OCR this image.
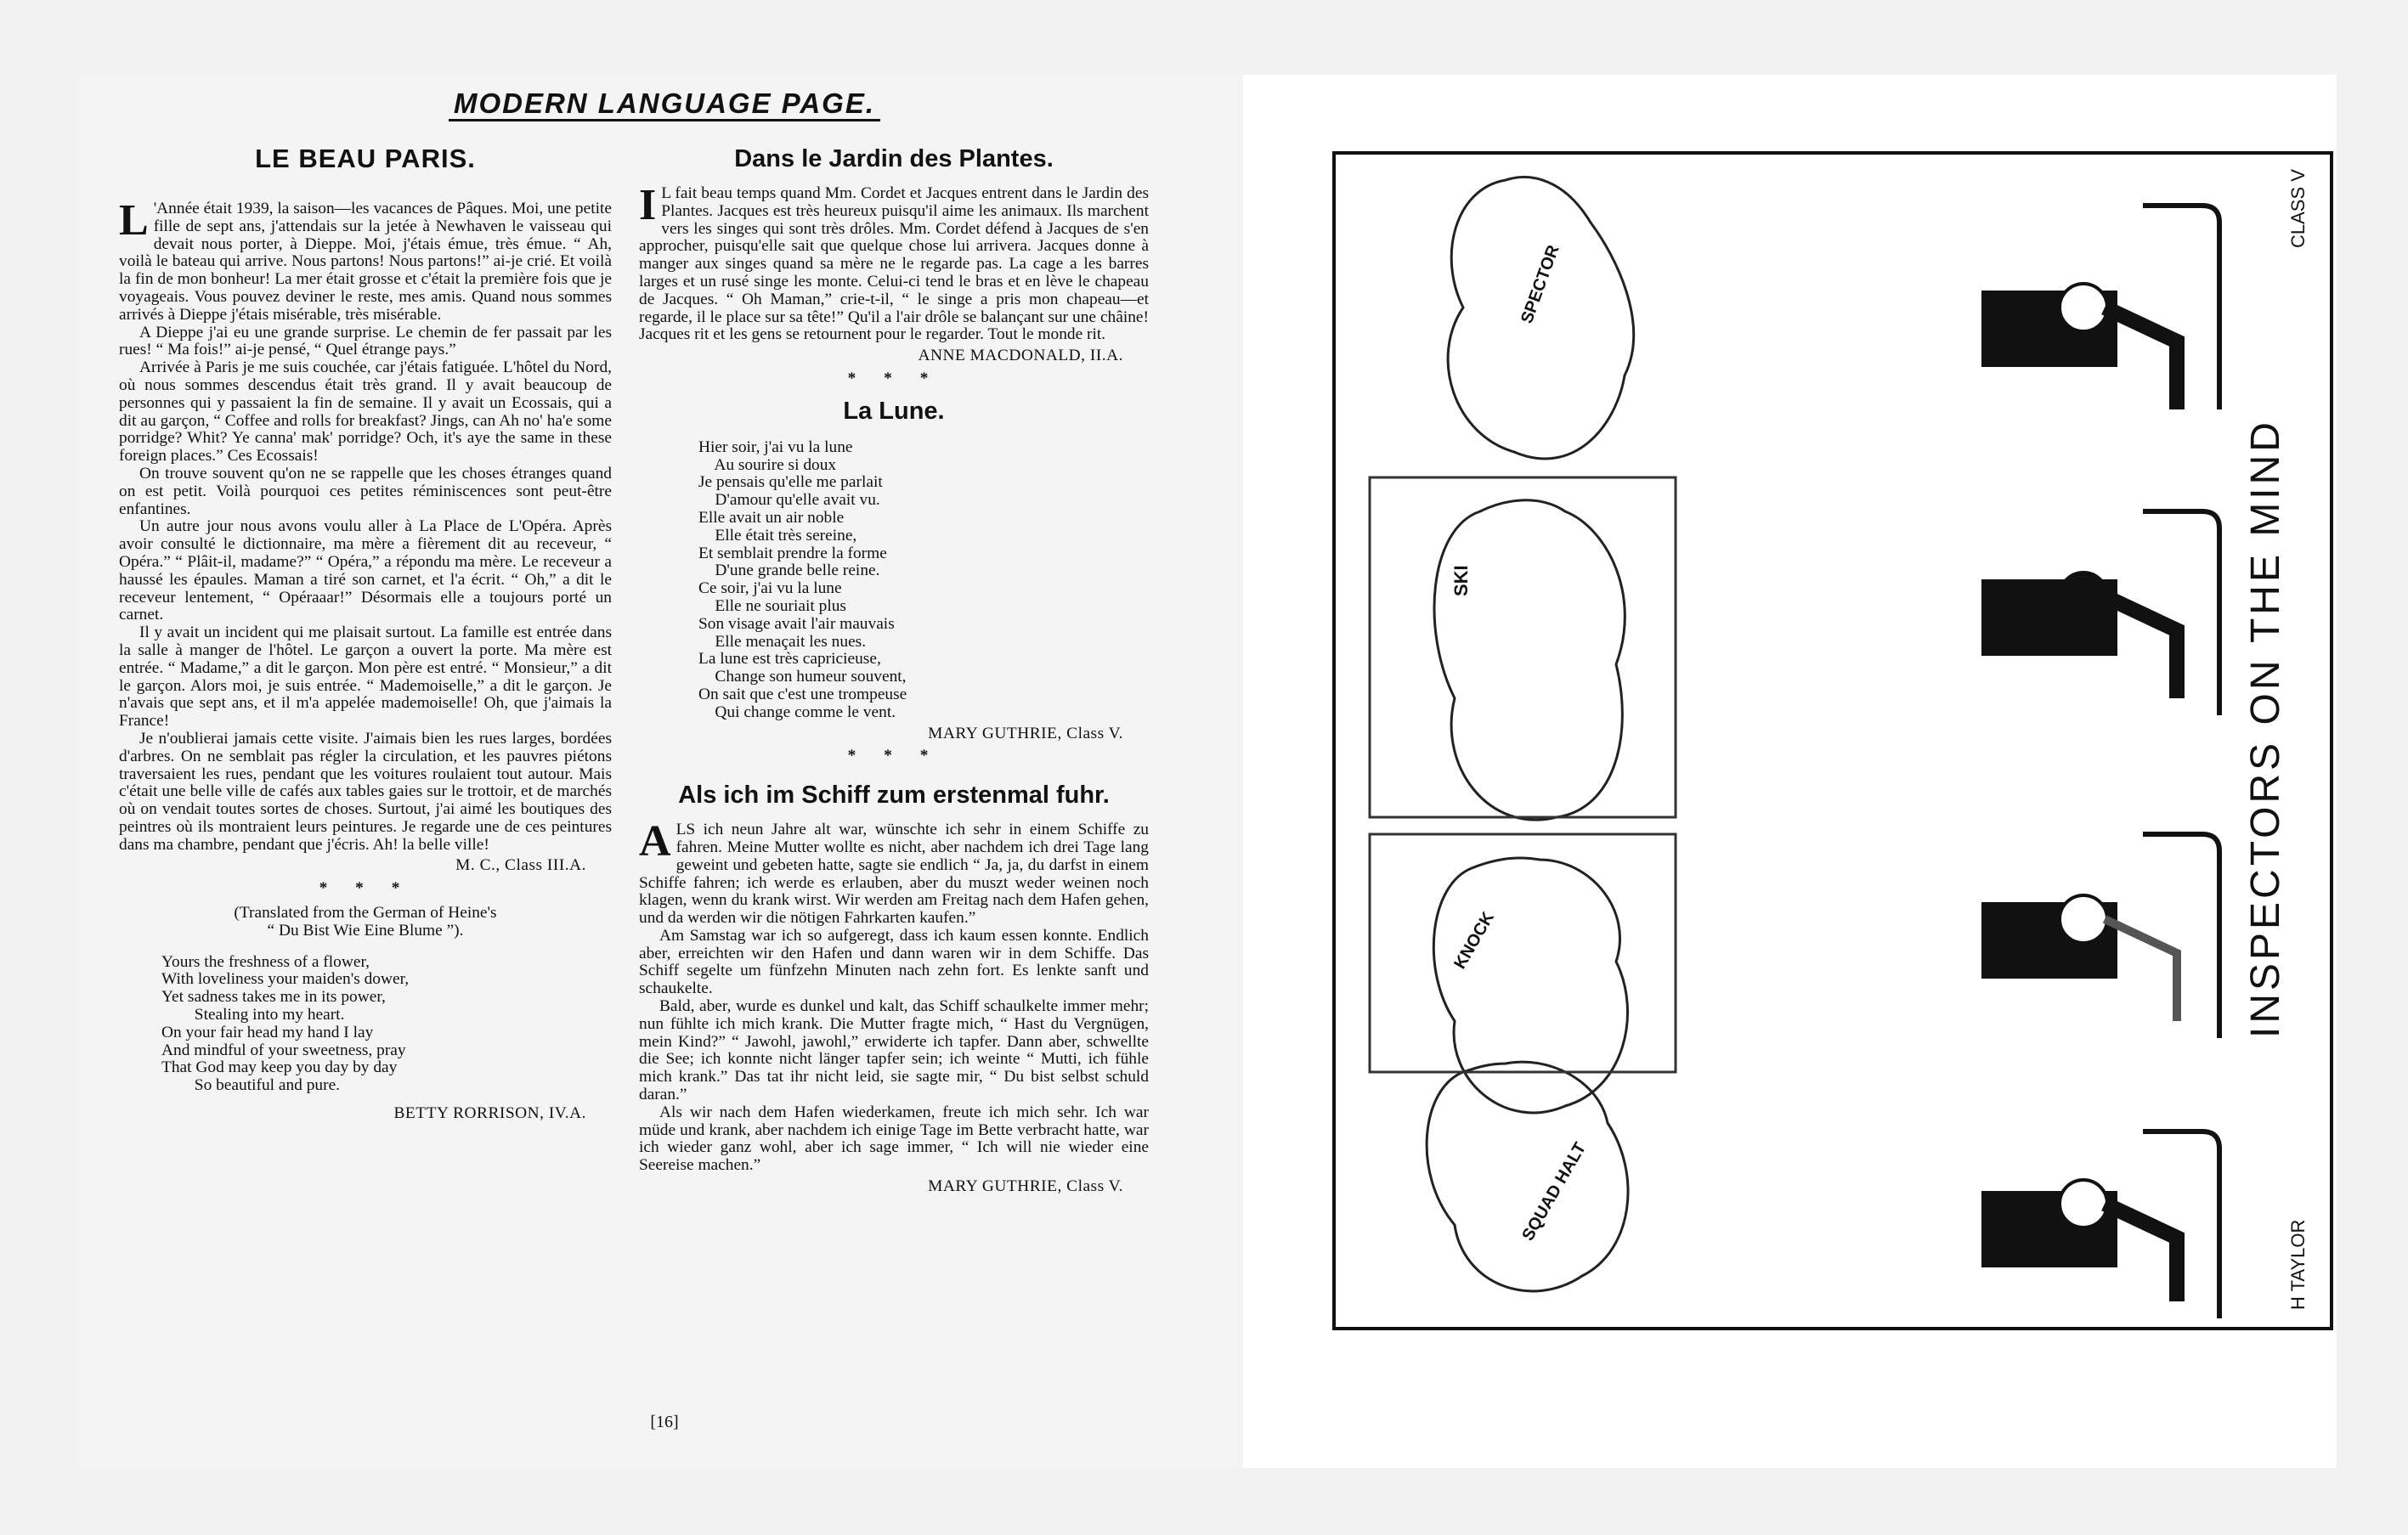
MODERN LANGUAGE PAGE.
LE BEAU PARIS.

L 'Année était 1939, la saison—les vacances de Pâques. Moi, une petite fille de sept ans, j'attendais sur la jetée à Newhaven le vaisseau qui devait nous porter, à Dieppe. Moi, j'étais émue, très émue. “ Ah, voilà le bateau qui arrive. Nous partons! Nous partons!” ai-je crié. Et voilà la fin de mon bonheur! La mer était grosse et c'était la première fois que je voyageais. Vous pouvez deviner le reste, mes amis. Quand nous sommes arrivés à Dieppe j'étais misérable, très misérable.

A Dieppe j'ai eu une grande surprise. Le chemin de fer passait par les rues! “ Ma fois!” ai-je pensé, “ Quel étrange pays.”

Arrivée à Paris je me suis couchée, car j'étais fatiguée. L'hôtel du Nord, où nous sommes descendus était très grand. Il y avait beaucoup de personnes qui y passaient la fin de semaine. Il y avait un Ecossais, qui a dit au garçon, “ Coffee and rolls for breakfast? Jings, can Ah no' ha'e some porridge? Whit? Ye canna' mak' porridge? Och, it's aye the same in these foreign places.” Ces Ecossais!

On trouve souvent qu'on ne se rappelle que les choses étranges quand on est petit. Voilà pourquoi ces petites réminiscences sont peut-être enfantines.

Un autre jour nous avons voulu aller à La Place de L'Opéra. Après avoir consulté le dictionnaire, ma mère a fièrement dit au receveur, “ Opéra.” “ Plâit-il, madame?” “ Opéra,” a répondu ma mère. Le receveur a haussé les épaules. Maman a tiré son carnet, et l'a écrit. “ Oh,” a dit le receveur lentement, “ Opéraaar!” Désormais elle a toujours porté un carnet.

Il y avait un incident qui me plaisait surtout. La famille est entrée dans la salle à manger de l'hôtel. Le garçon a ouvert la porte. Ma mère est entrée. “ Madame,” a dit le garçon. Mon père est entré. “ Monsieur,” a dit le garçon. Alors moi, je suis entrée. “ Mademoiselle,” a dit le garçon. Je n'avais que sept ans, et il m'a appelée mademoiselle! Oh, que j'aimais la France!

Je n'oublierai jamais cette visite. J'aimais bien les rues larges, bordées d'arbres. On ne semblait pas régler la circulation, et les pauvres piétons traversaient les rues, pendant que les voitures roulaient tout autour. Mais c'était une belle ville de cafés aux tables gaies sur le trottoir, et de marchés où on vendait toutes sortes de choses. Surtout, j'ai aimé les boutiques des peintres où ils montraient leurs peintures. Je regarde une de ces peintures dans ma chambre, pendant que j'écris. Ah! la belle ville!

M. C., Class III.A.
* * *
(Translated from the German of Heine's
“ Du Bist Wie Eine Blume ”).
Yours the freshness of a flower,
With loveliness your maiden's dower,
Yet sadness takes me in its power,
Stealing into my heart.
On your fair head my hand I lay
And mindful of your sweetness, pray
That God may keep you day by day
So beautiful and pure.
BETTY RORRISON, IV.A.
Dans le Jardin des Plantes.

I L fait beau temps quand Mm. Cordet et Jacques entrent dans le Jardin des Plantes. Jacques est très heureux puisqu'il aime les animaux. Ils marchent vers les singes qui sont très drôles. Mm. Cordet défend à Jacques de s'en approcher, puisqu'elle sait que quelque chose lui arrivera. Jacques donne à manger aux singes quand sa mère ne le regarde pas. La cage a les barres larges et un rusé singe les monte. Celui-ci tend le bras et en lève le chapeau de Jacques. “ Oh Maman,” crie-t-il, “ le singe a pris mon chapeau—et regarde, il le place sur sa tête!” Qu'il a l'air drôle se balançant sur une châine! Jacques rit et les gens se retournent pour le regarder. Tout le monde rit.

ANNE MACDONALD, II.A.
* * *
La Lune.
Hier soir, j'ai vu la lune
Au sourire si doux
Je pensais qu'elle me parlait
D'amour qu'elle avait vu.
Elle avait un air noble
Elle était très sereine,
Et semblait prendre la forme
D'une grande belle reine.
Ce soir, j'ai vu la lune
Elle ne souriait plus
Son visage avait l'air mauvais
Elle menaçait les nues.
La lune est très capricieuse,
Change son humeur souvent,
On sait que c'est une trompeuse
Qui change comme le vent.
MARY GUTHRIE, Class V.
* * *
Als ich im Schiff zum erstenmal fuhr.

ALS ich neun Jahre alt war, wünschte ich sehr in einem Schiffe zu fahren. Meine Mutter wollte es nicht, aber nachdem ich drei Tage lang geweint und gebeten hatte, sagte sie endlich “ Ja, ja, du darfst in einem Schiffe fahren; ich werde es erlauben, aber du muszt weder weinen noch klagen, wenn du krank wirst. Wir werden am Freitag nach dem Hafen gehen, und da werden wir die nötigen Fahrkarten kaufen.”

Am Samstag war ich so aufgeregt, dass ich kaum essen konnte. Endlich aber, erreichten wir den Hafen und dann waren wir in dem Schiffe. Das Schiff segelte um fünfzehn Minuten nach zehn fort. Es lenkte sanft und schaukelte.

Bald, aber, wurde es dunkel und kalt, das Schiff schaulkelte immer mehr; nun fühlte ich mich krank. Die Mutter fragte mich, “ Hast du Vergnügen, mein Kind?” “ Jawohl, jawohl,” erwiderte ich tapfer. Dann aber, schwellte die See; ich konnte nicht länger tapfer sein; ich weinte “ Mutti, ich fühle mich krank.” Das tat ihr nicht leid, sie sagte mir, “ Du bist selbst schuld daran.”

Als wir nach dem Hafen wiederkamen, freute ich mich sehr. Ich war müde und krank, aber nachdem ich einige Tage im Bette verbracht hatte, war ich wieder ganz wohl, aber ich sage immer, “ Ich will nie wieder eine Seereise machen.”

MARY GUTHRIE, Class V.
[16]
SPECTOR
SKI
KNOCK
SQUAD HALT
CLASS V
H TAYLOR
INSPECTORS ON THE MIND
